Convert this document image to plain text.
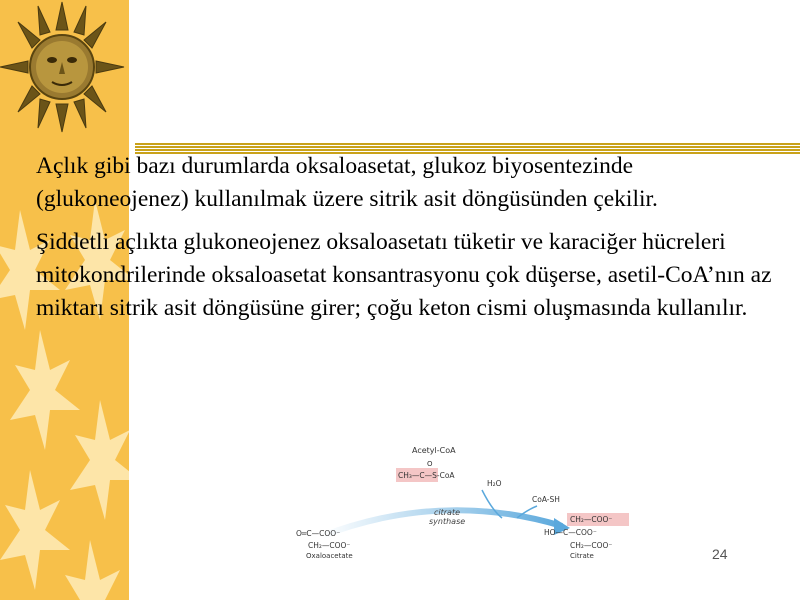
Açlık gibi bazı durumlarda oksaloasetat, glukoz biyosentezinde (glukoneojenez) kullanılmak üzere sitrik asit döngüsünden çekilir.

Şiddetli açlıkta glukoneojenez oksaloasetatı tüketir ve karaciğer hücreleri mitokondrilerinde oksaloasetat konsantrasyonu çok düşerse, asetil-CoA’nın az miktarı sitrik asit döngüsüne girer; çoğu keton cismi oluşmasında kullanılır.

Acetyl-CoA
O
CH₃—C—S-CoA
H₂O
CoA-SH
citrate
synthase
O═C—COO⁻
CH₂—COO⁻
Oxaloacetate
CH₂—COO⁻
HO—C—COO⁻
CH₂—COO⁻
Citrate	24
